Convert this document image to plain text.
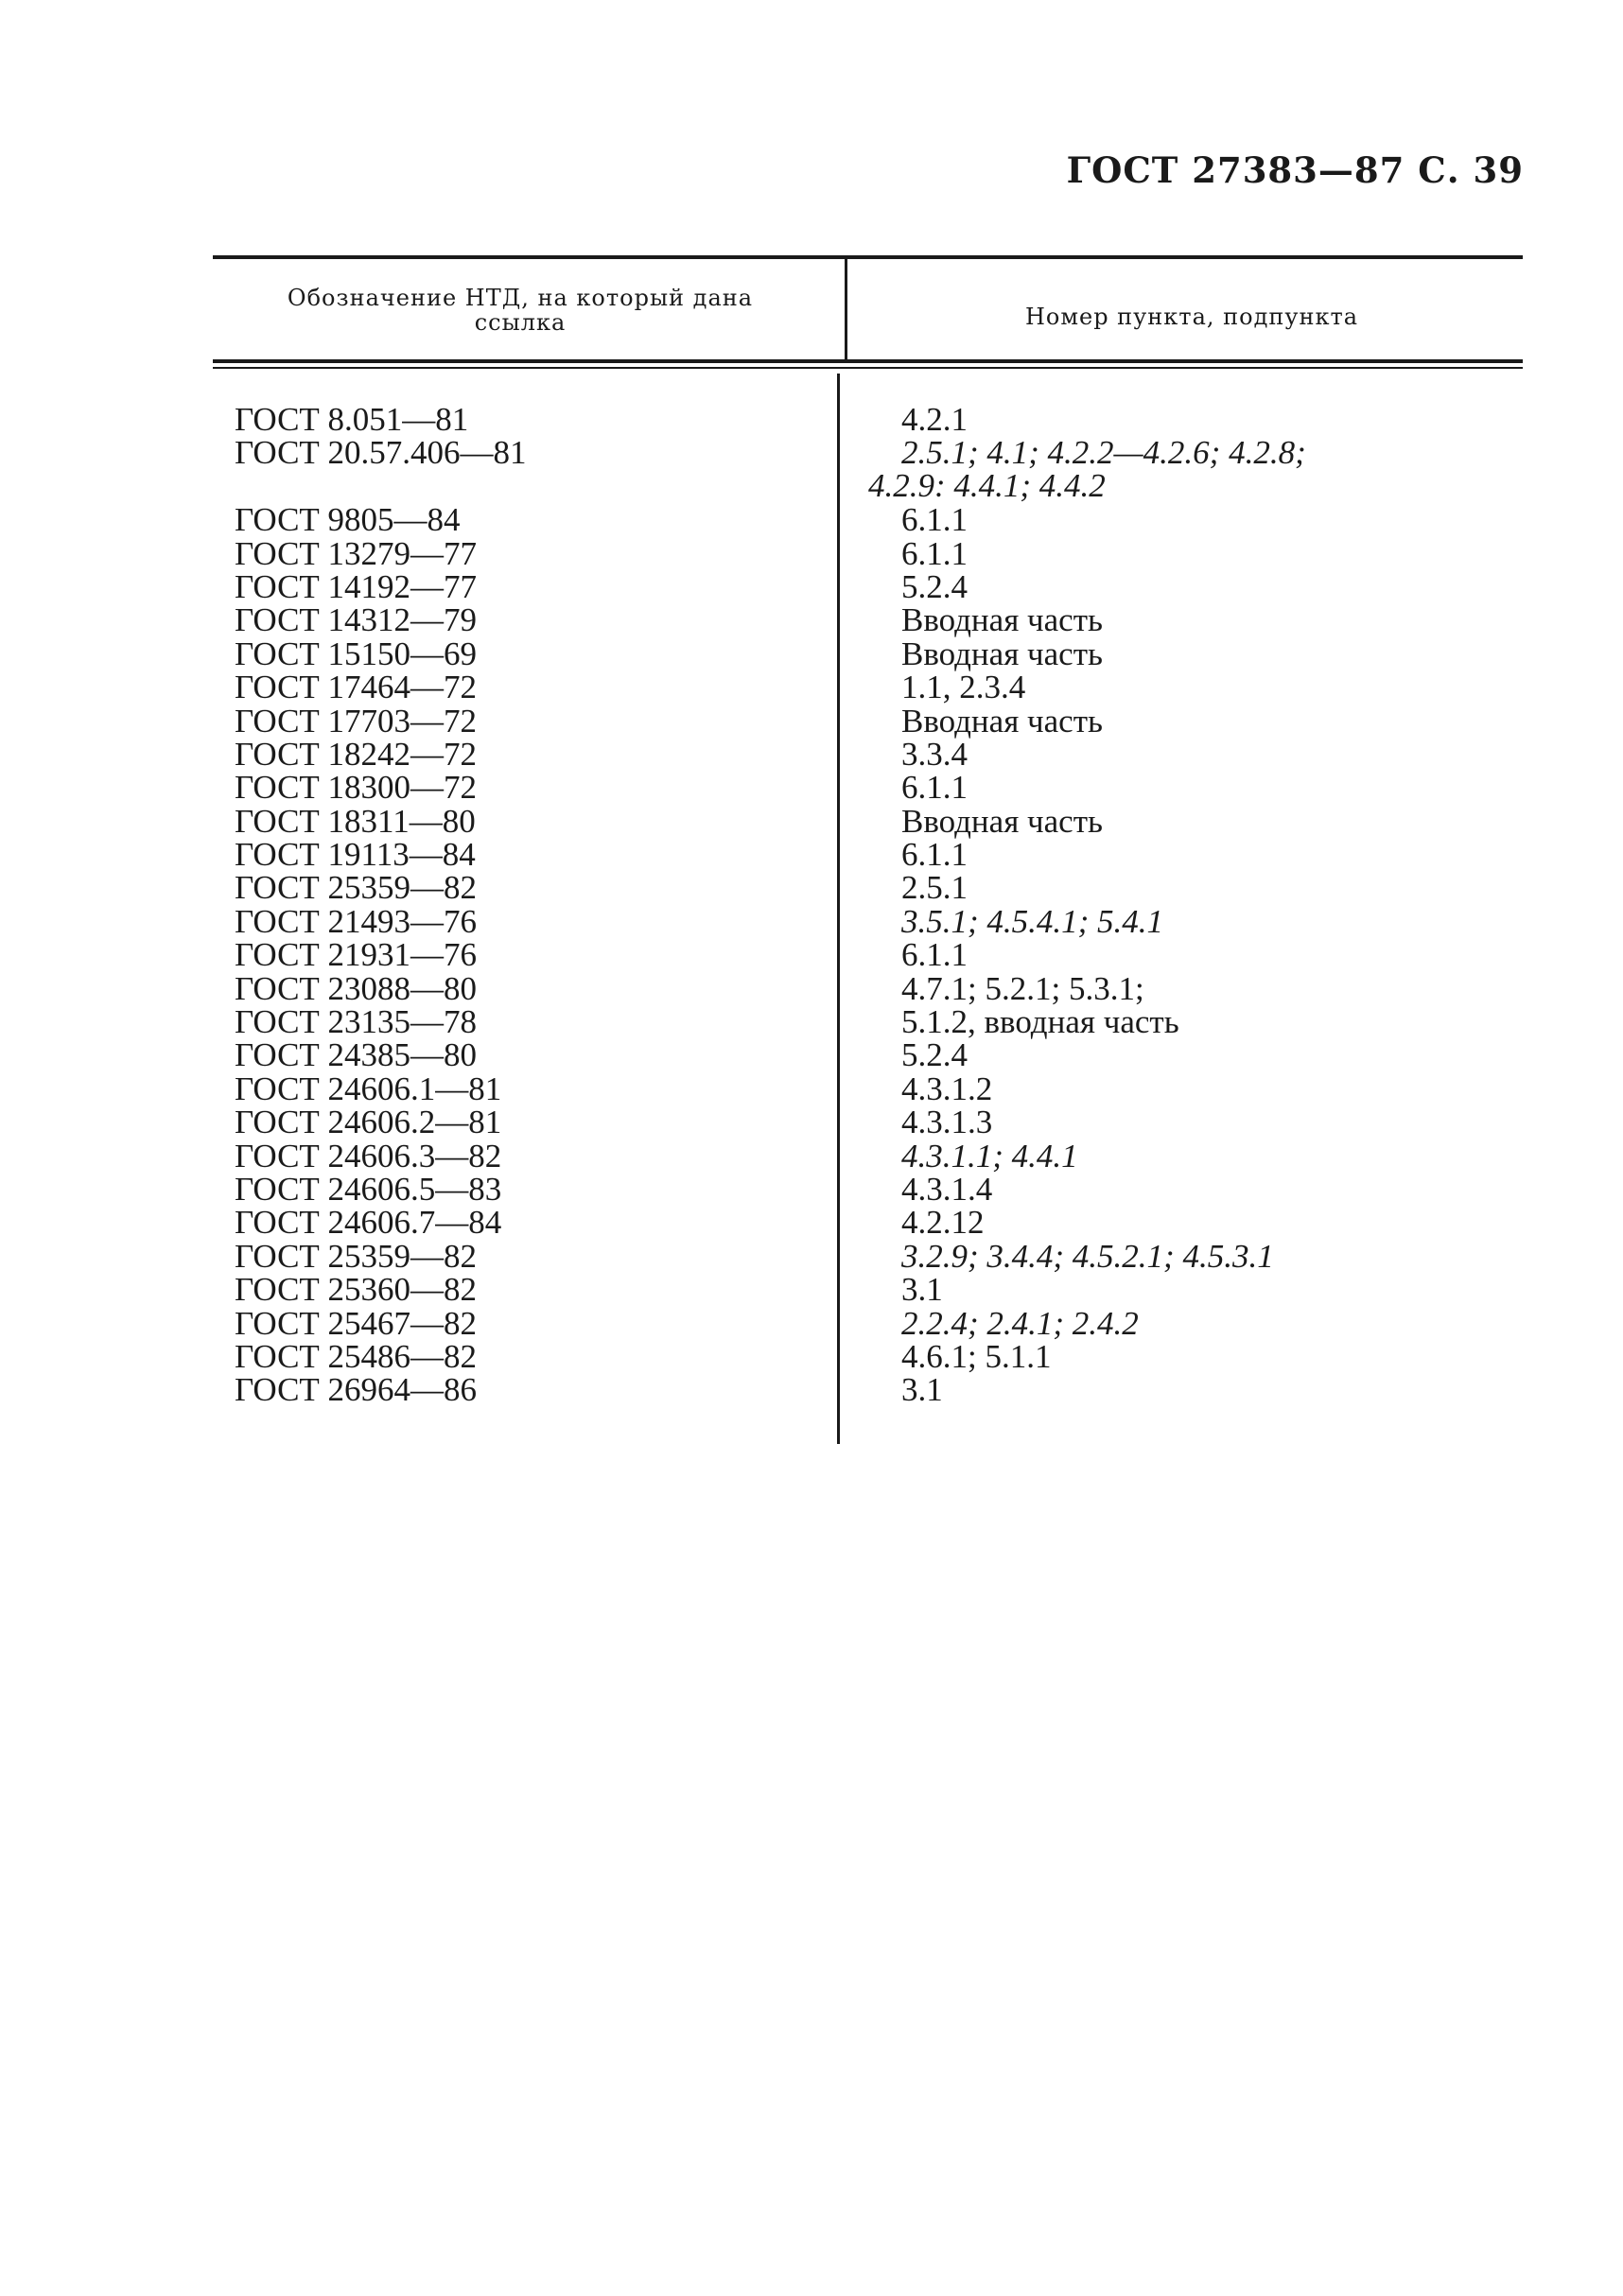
ГОСТ 27383—87 С. 39
Обозначение НТД, на который дана ссылка	Номер пункта, подпункта
ГОСТ 8.051—81	4.2.1
ГОСТ 20.57.406—81	2.5.1; 4.1; 4.2.2—4.2.6; 4.2.8;
4.2.9: 4.4.1; 4.4.2
ГОСТ 9805—84	6.1.1
ГОСТ 13279—77	6.1.1
ГОСТ 14192—77	5.2.4
ГОСТ 14312—79	Вводная часть
ГОСТ 15150—69	Вводная часть
ГОСТ 17464—72	1.1, 2.3.4
ГОСТ 17703—72	Вводная часть
ГОСТ 18242—72	3.3.4
ГОСТ 18300—72	6.1.1
ГОСТ 18311—80	Вводная часть
ГОСТ 19113—84	6.1.1
ГОСТ 25359—82	2.5.1
ГОСТ 21493—76	3.5.1; 4.5.4.1; 5.4.1
ГОСТ 21931—76	6.1.1
ГОСТ 23088—80	4.7.1; 5.2.1; 5.3.1;
ГОСТ 23135—78	5.1.2, вводная часть
ГОСТ 24385—80	5.2.4
ГОСТ 24606.1—81	4.3.1.2
ГОСТ 24606.2—81	4.3.1.3
ГОСТ 24606.3—82	4.3.1.1; 4.4.1
ГОСТ 24606.5—83	4.3.1.4
ГОСТ 24606.7—84	4.2.12
ГОСТ 25359—82	3.2.9; 3.4.4; 4.5.2.1; 4.5.3.1
ГОСТ 25360—82	3.1
ГОСТ 25467—82	2.2.4; 2.4.1; 2.4.2
ГОСТ 25486—82	4.6.1; 5.1.1
ГОСТ 26964—86	3.1
